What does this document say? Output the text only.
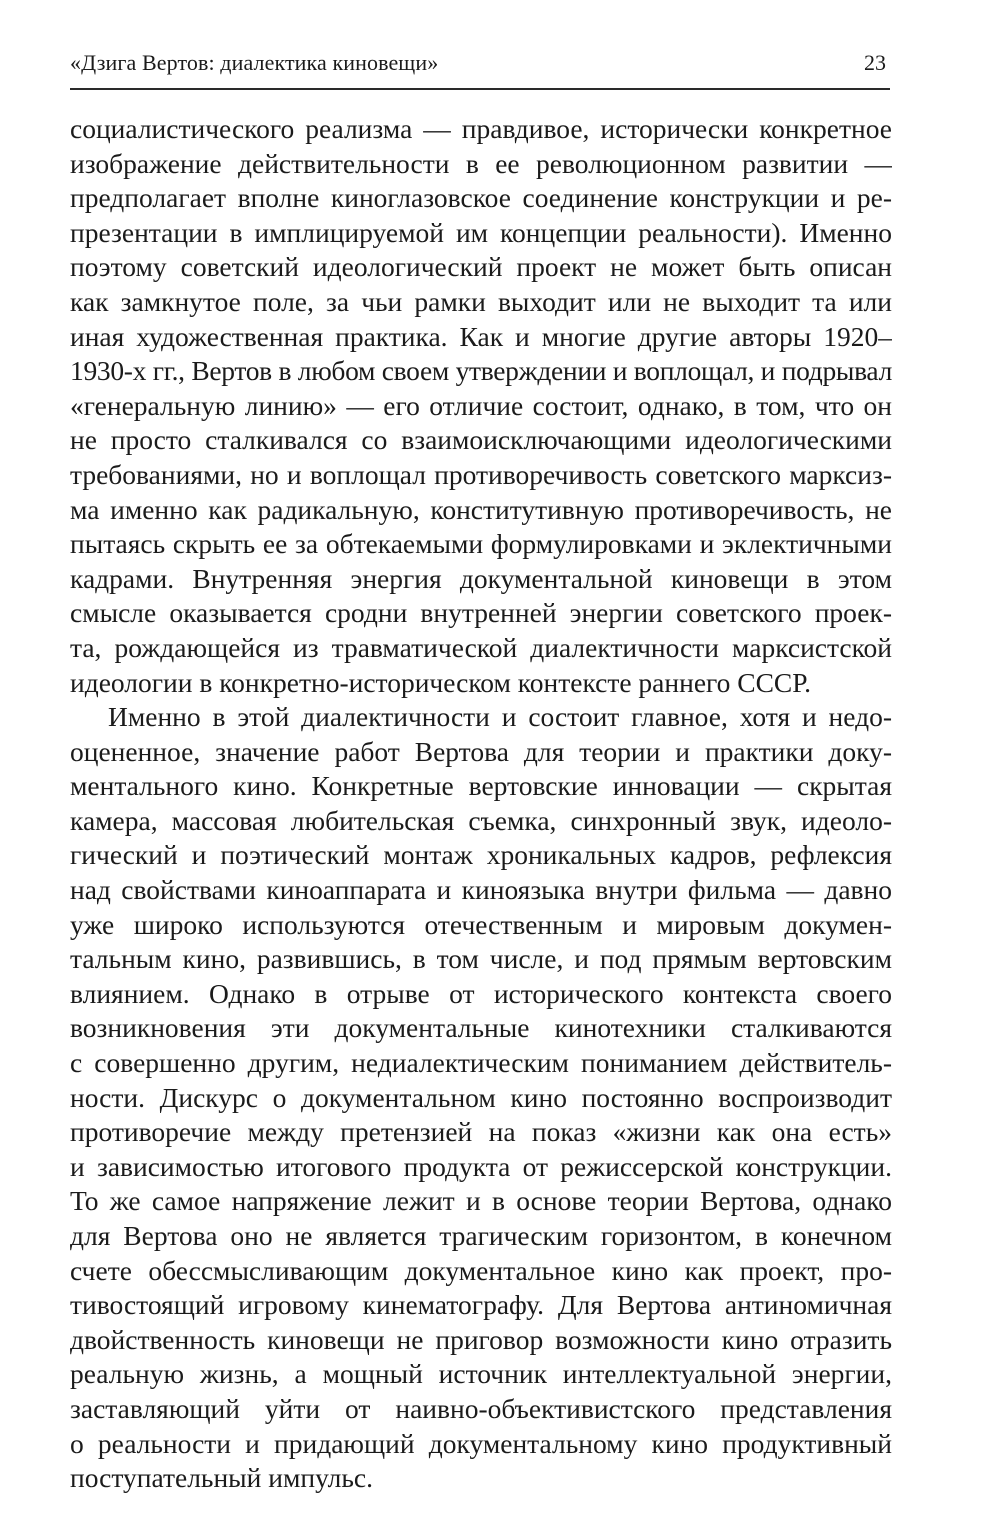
«Дзига Вертов: диалектика киновещи»	23
социалистического реализма — правдивое, исторически конкретное
изображение действительности в ее революционном развитии —
предполагает вполне киноглазовское соединение конструкции и ре-
презентации в имплицируемой им концепции реальности). Именно
поэтому советский идеологический проект не может быть описан
как замкнутое поле, за чьи рамки выходит или не выходит та или
иная художественная практика. Как и многие другие авторы 1920–
1930-х гг., Вертов в любом своем утверждении и воплощал, и подрывал
«генеральную линию» — его отличие состоит, однако, в том, что он
не просто сталкивался со взаимоисключающими идеологическими
требованиями, но и воплощал противоречивость советского марксиз-
ма именно как радикальную, конститутивную противоречивость, не
пытаясь скрыть ее за обтекаемыми формулировками и эклектичными
кадрами. Внутренняя энергия документальной киновещи в этом
смысле оказывается сродни внутренней энергии советского проек-
та, рождающейся из травматической диалектичности марксистской
идеологии в конкретно-историческом контексте раннего СССР.
Именно в этой диалектичности и состоит главное, хотя и недо-
оцененное, значение работ Вертова для теории и практики доку-
ментального кино. Конкретные вертовские инновации — скрытая
камера, массовая любительская съемка, синхронный звук, идеоло-
гический и поэтический монтаж хроникальных кадров, рефлексия
над свойствами киноаппарата и киноязыка внутри фильма — давно
уже широко используются отечественным и мировым докумен-
тальным кино, развившись, в том числе, и под прямым вертовским
влиянием. Однако в отрыве от исторического контекста своего
возникновения эти документальные кинотехники сталкиваются
с совершенно другим, недиалектическим пониманием действитель-
ности. Дискурс о документальном кино постоянно воспроизводит
противоречие между претензией на показ «жизни как она есть»
и зависимостью итогового продукта от режиссерской конструкции.
То же самое напряжение лежит и в основе теории Вертова, однако
для Вертова оно не является трагическим горизонтом, в конечном
счете обессмысливающим документальное кино как проект, про-
тивостоящий игровому кинематографу. Для Вертова антиномичная
двойственность киновещи не приговор возможности кино отразить
реальную жизнь, а мощный источник интеллектуальной энергии,
заставляющий уйти от наивно-объективистского представления
о реальности и придающий документальному кино продуктивный
поступательный импульс.
